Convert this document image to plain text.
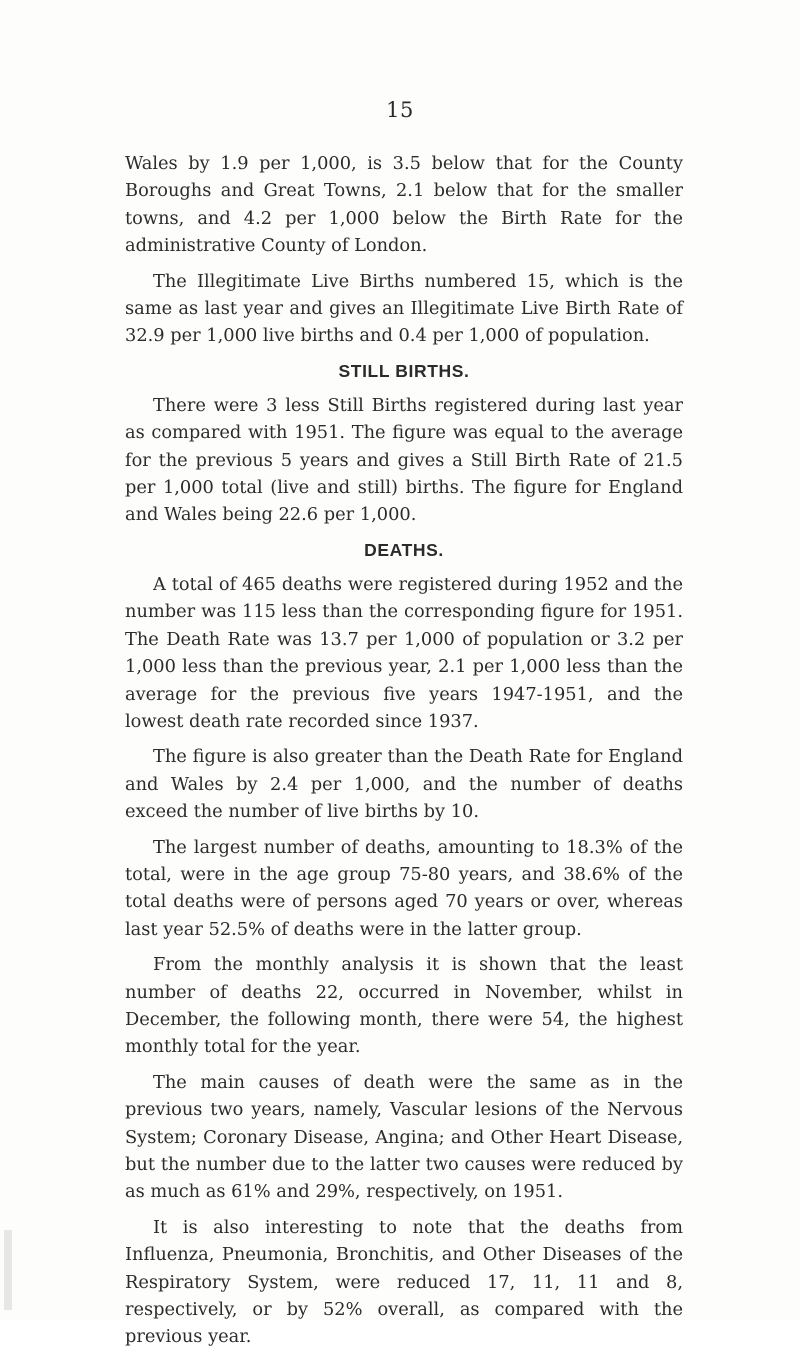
15

Wales by 1.9 per 1,000, is 3.5 below that for the County Boroughs and Great Towns, 2.1 below that for the smaller towns, and 4.2 per 1,000 below the Birth Rate for the administrative County of London.

The Illegitimate Live Births numbered 15, which is the same as last year and gives an Illegitimate Live Birth Rate of 32.9 per 1,000 live births and 0.4 per 1,000 of population.

STILL BIRTHS.

There were 3 less Still Births registered during last year as compared with 1951. The figure was equal to the average for the previous 5 years and gives a Still Birth Rate of 21.5 per 1,000 total (live and still) births. The figure for England and Wales being 22.6 per 1,000.

DEATHS.

A total of 465 deaths were registered during 1952 and the number was 115 less than the corresponding figure for 1951. The Death Rate was 13.7 per 1,000 of population or 3.2 per 1,000 less than the previous year, 2.1 per 1,000 less than the average for the previous five years 1947-1951, and the lowest death rate recorded since 1937.

The figure is also greater than the Death Rate for England and Wales by 2.4 per 1,000, and the number of deaths exceed the number of live births by 10.

The largest number of deaths, amounting to 18.3% of the total, were in the age group 75-80 years, and 38.6% of the total deaths were of persons aged 70 years or over, whereas last year 52.5% of deaths were in the latter group.

From the monthly analysis it is shown that the least number of deaths 22, occurred in November, whilst in December, the following month, there were 54, the highest monthly total for the year.

The main causes of death were the same as in the previous two years, namely, Vascular lesions of the Nervous System; Coronary Disease, Angina; and Other Heart Disease, but the number due to the latter two causes were reduced by as much as 61% and 29%, respectively, on 1951.

It is also interesting to note that the deaths from Influenza, Pneumonia, Bronchitis, and Other Diseases of the Respiratory System, were reduced 17, 11, 11 and 8, respectively, or by 52% overall, as compared with the previous year.
